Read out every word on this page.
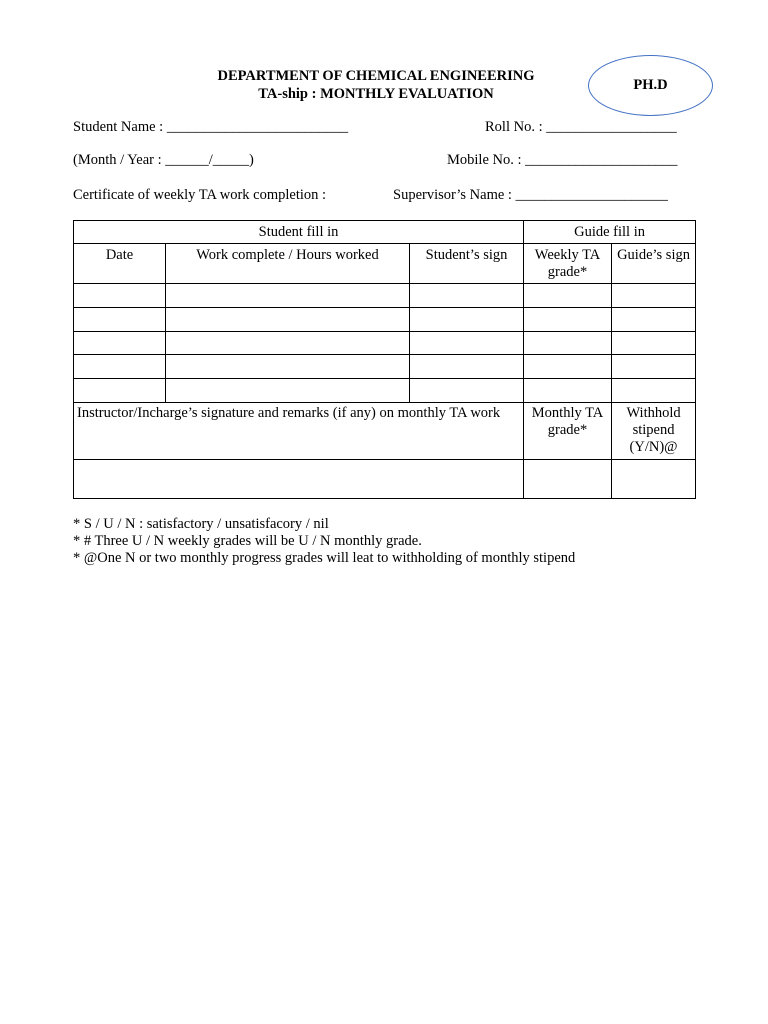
DEPARTMENT OF CHEMICAL ENGINEERING
TA-ship : MONTHLY EVALUATION
PH.D
Student Name : _________________________	Roll No. : __________________
(Month / Year : ______/_____)	Mobile No. : _____________________
Certificate of weekly TA work completion :	Supervisor’s Name : _____________________
Student fill in			Guide fill in	
Date	Work complete / Hours worked	Student’s sign	Weekly TA grade*	Guide’s sign

Instructor/Incharge’s signature and remarks (if any) on monthly TA work			Monthly TA grade*	Withhold stipend (Y/N)@

* S / U / N : satisfactory / unsatisfacory / nil
* # Three U / N weekly grades will be U / N monthly grade.
* @One N or two monthly progress grades will leat to withholding of monthly stipend
